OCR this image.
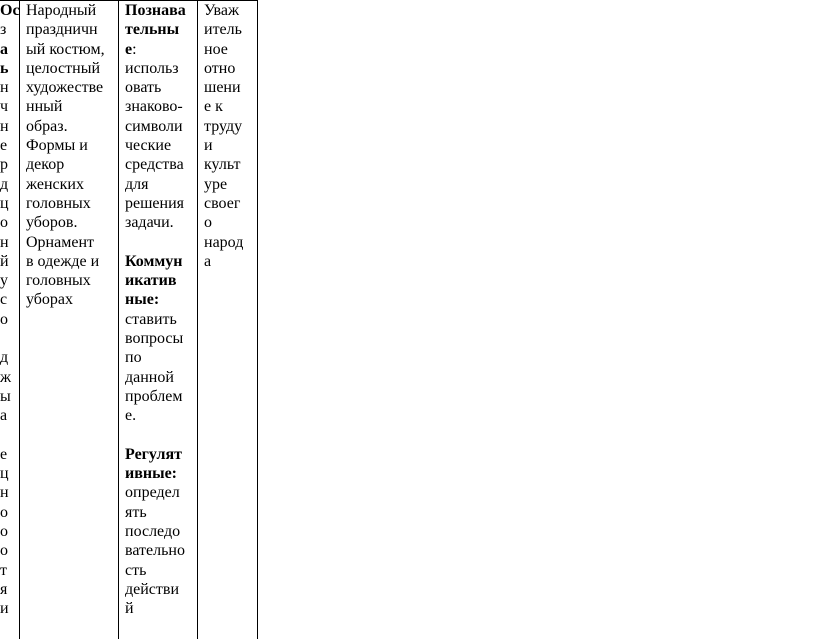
Ос
з
а
ь
н
ч
н
е
р
д
ц
о
н
й
у
с
о

д
ж
ы
а

е
ц
н
о
о
о
т
я
и
Народный
праздничн
ый костюм,
целостный
художестве
нный
образ.
Формы и
декор
женских
головных
уборов.
Орнамент
в одежде и
головных
уборах
Познава
тельны
е:
использ
овать
знаково-
символи
ческие
средства
для
решения
задачи.

Коммун
икатив
ные:
ставить
вопросы
по
данной
проблем
е.

Регулят
ивные:
определ
ять
последо
вательно
сть
действи
й
Уваж
итель
ное
отно
шени
е к
труду
и
культ
уре
своег
о
народ
а
